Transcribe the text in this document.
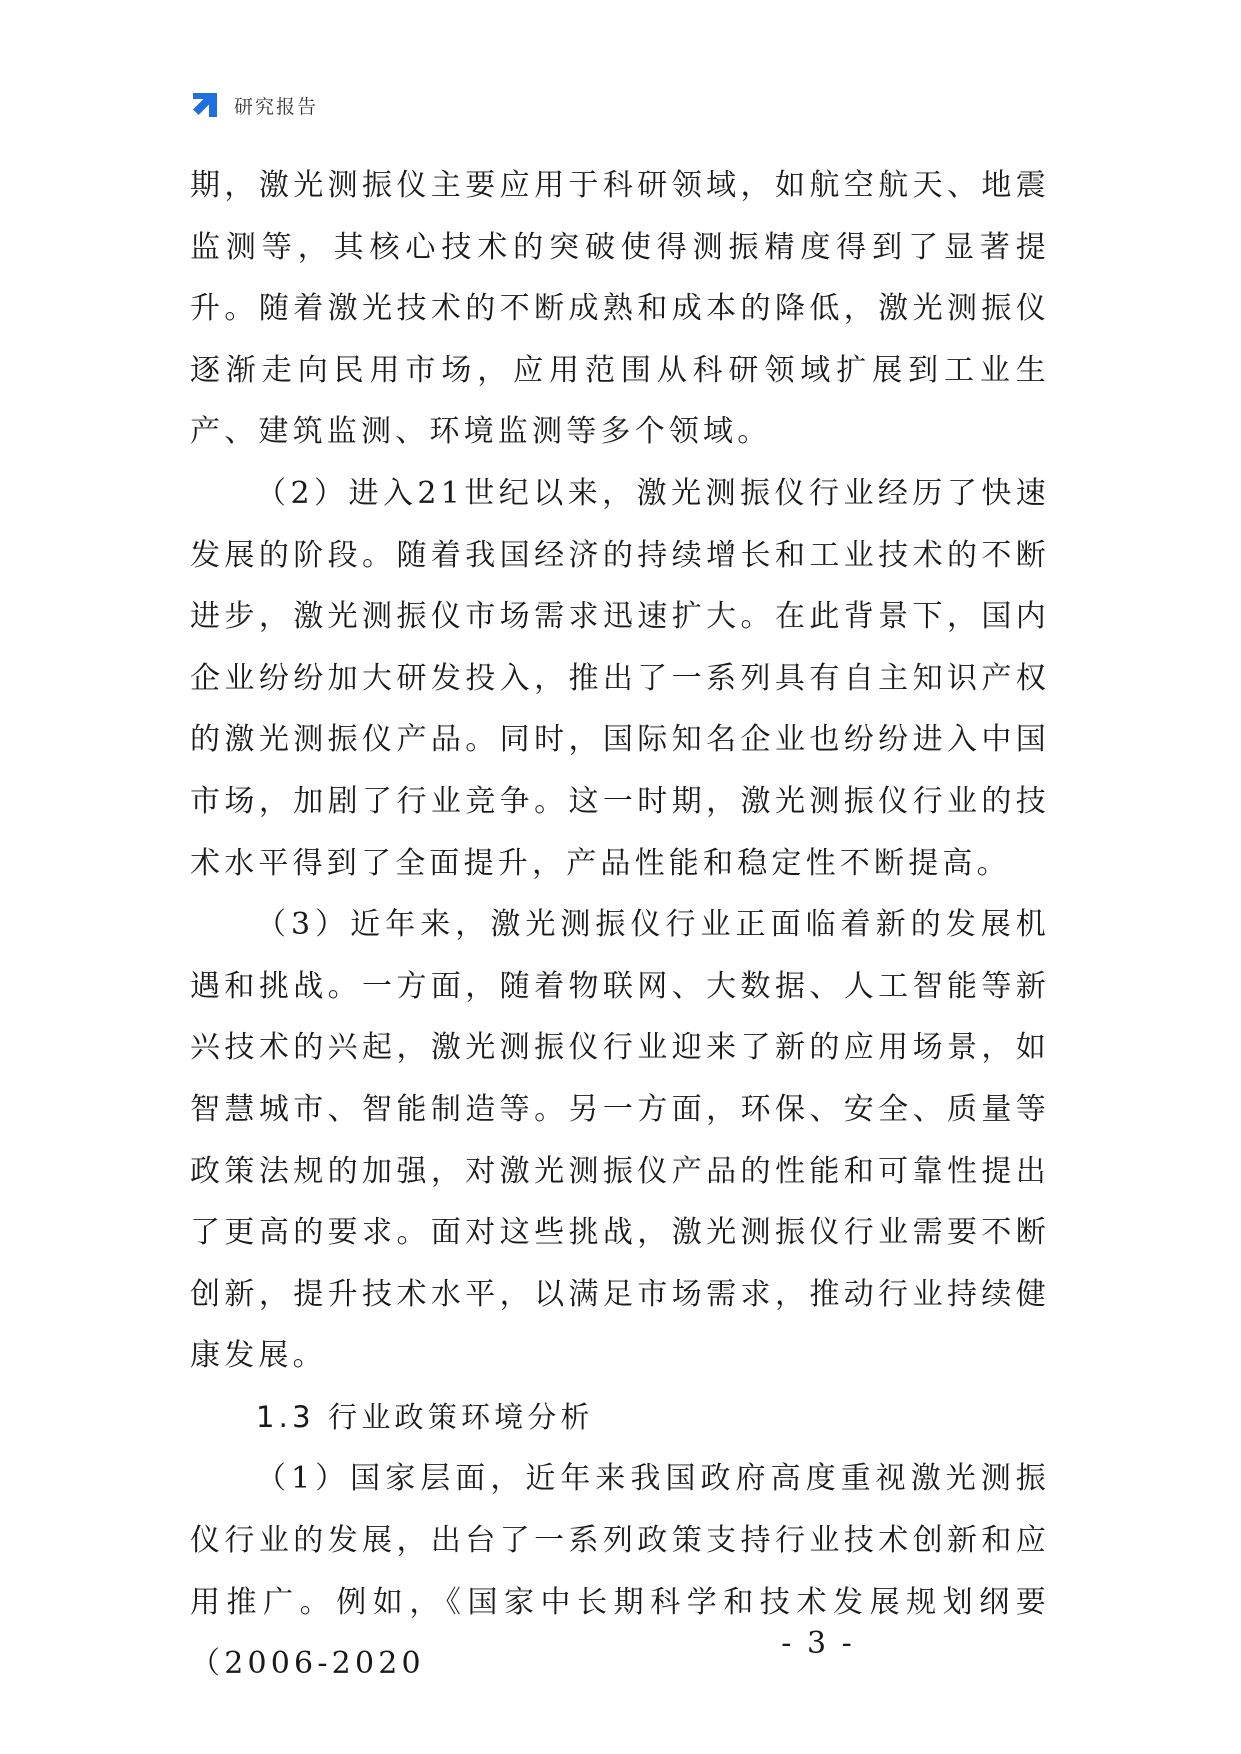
研究报告

期，激光测振仪主要应用于科研领域，如航空航天、地震监测等，其核心技术的突破使得测振精度得到了显著提升。随着激光技术的不断成熟和成本的降低，激光测振仪逐渐走向民用市场，应用范围从科研领域扩展到工业生产、建筑监测、环境监测等多个领域。

（2）进入21世纪以来，激光测振仪行业经历了快速发展的阶段。随着我国经济的持续增长和工业技术的不断进步，激光测振仪市场需求迅速扩大。在此背景下，国内企业纷纷加大研发投入，推出了一系列具有自主知识产权的激光测振仪产品。同时，国际知名企业也纷纷进入中国市场，加剧了行业竞争。这一时期，激光测振仪行业的技术水平得到了全面提升，产品性能和稳定性不断提高。

（3）近年来，激光测振仪行业正面临着新的发展机遇和挑战。一方面，随着物联网、大数据、人工智能等新兴技术的兴起，激光测振仪行业迎来了新的应用场景，如智慧城市、智能制造等。另一方面，环保、安全、质量等政策法规的加强，对激光测振仪产品的性能和可靠性提出了更高的要求。面对这些挑战，激光测振仪行业需要不断创新，提升技术水平，以满足市场需求，推动行业持续健康发展。

1.3 行业政策环境分析

（1）国家层面，近年来我国政府高度重视激光测振仪行业的发展，出台了一系列政策支持行业技术创新和应用推广。例如，《国家中长期科学和技术发展规划纲要（2006-2020

- 3 -
